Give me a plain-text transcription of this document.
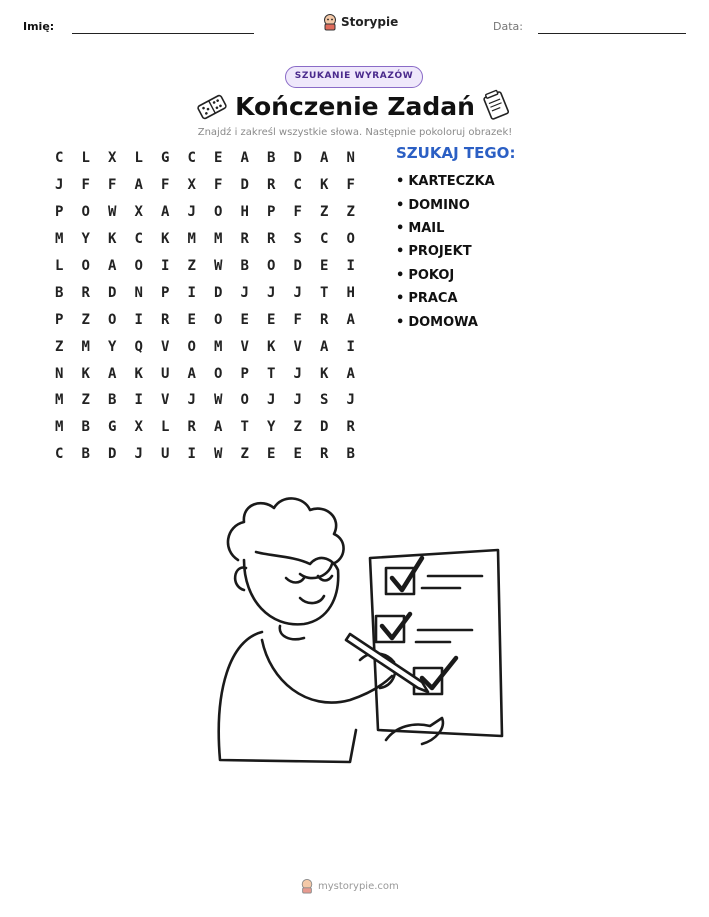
Imię:	Storypie	Data:
SZUKANIE WYRAZÓW
Kończenie Zadań
Znajdź i zakreśl wszystkie słowa. Następnie pokoloruj obrazek!
C	L	X	L	G	C	E	A	B	D	A	N
J	F	F	A	F	X	F	D	R	C	K	F
P	O	W	X	A	J	O	H	P	F	Z	Z
M	Y	K	C	K	M	M	R	R	S	C	O
L	O	A	O	I	Z	W	B	O	D	E	I
B	R	D	N	P	I	D	J	J	J	T	H
P	Z	O	I	R	E	O	E	E	F	R	A
Z	M	Y	Q	V	O	M	V	K	V	A	I
N	K	A	K	U	A	O	P	T	J	K	A
M	Z	B	I	V	J	W	O	J	J	S	J
M	B	G	X	L	R	A	T	Y	Z	D	R
C	B	D	J	U	I	W	Z	E	E	R	B
SZUKAJ TEGO:
• KARTECZKA
• DOMINO
• MAIL
• PROJEKT
• POKOJ
• PRACA
• DOMOWA
mystorypie.com
